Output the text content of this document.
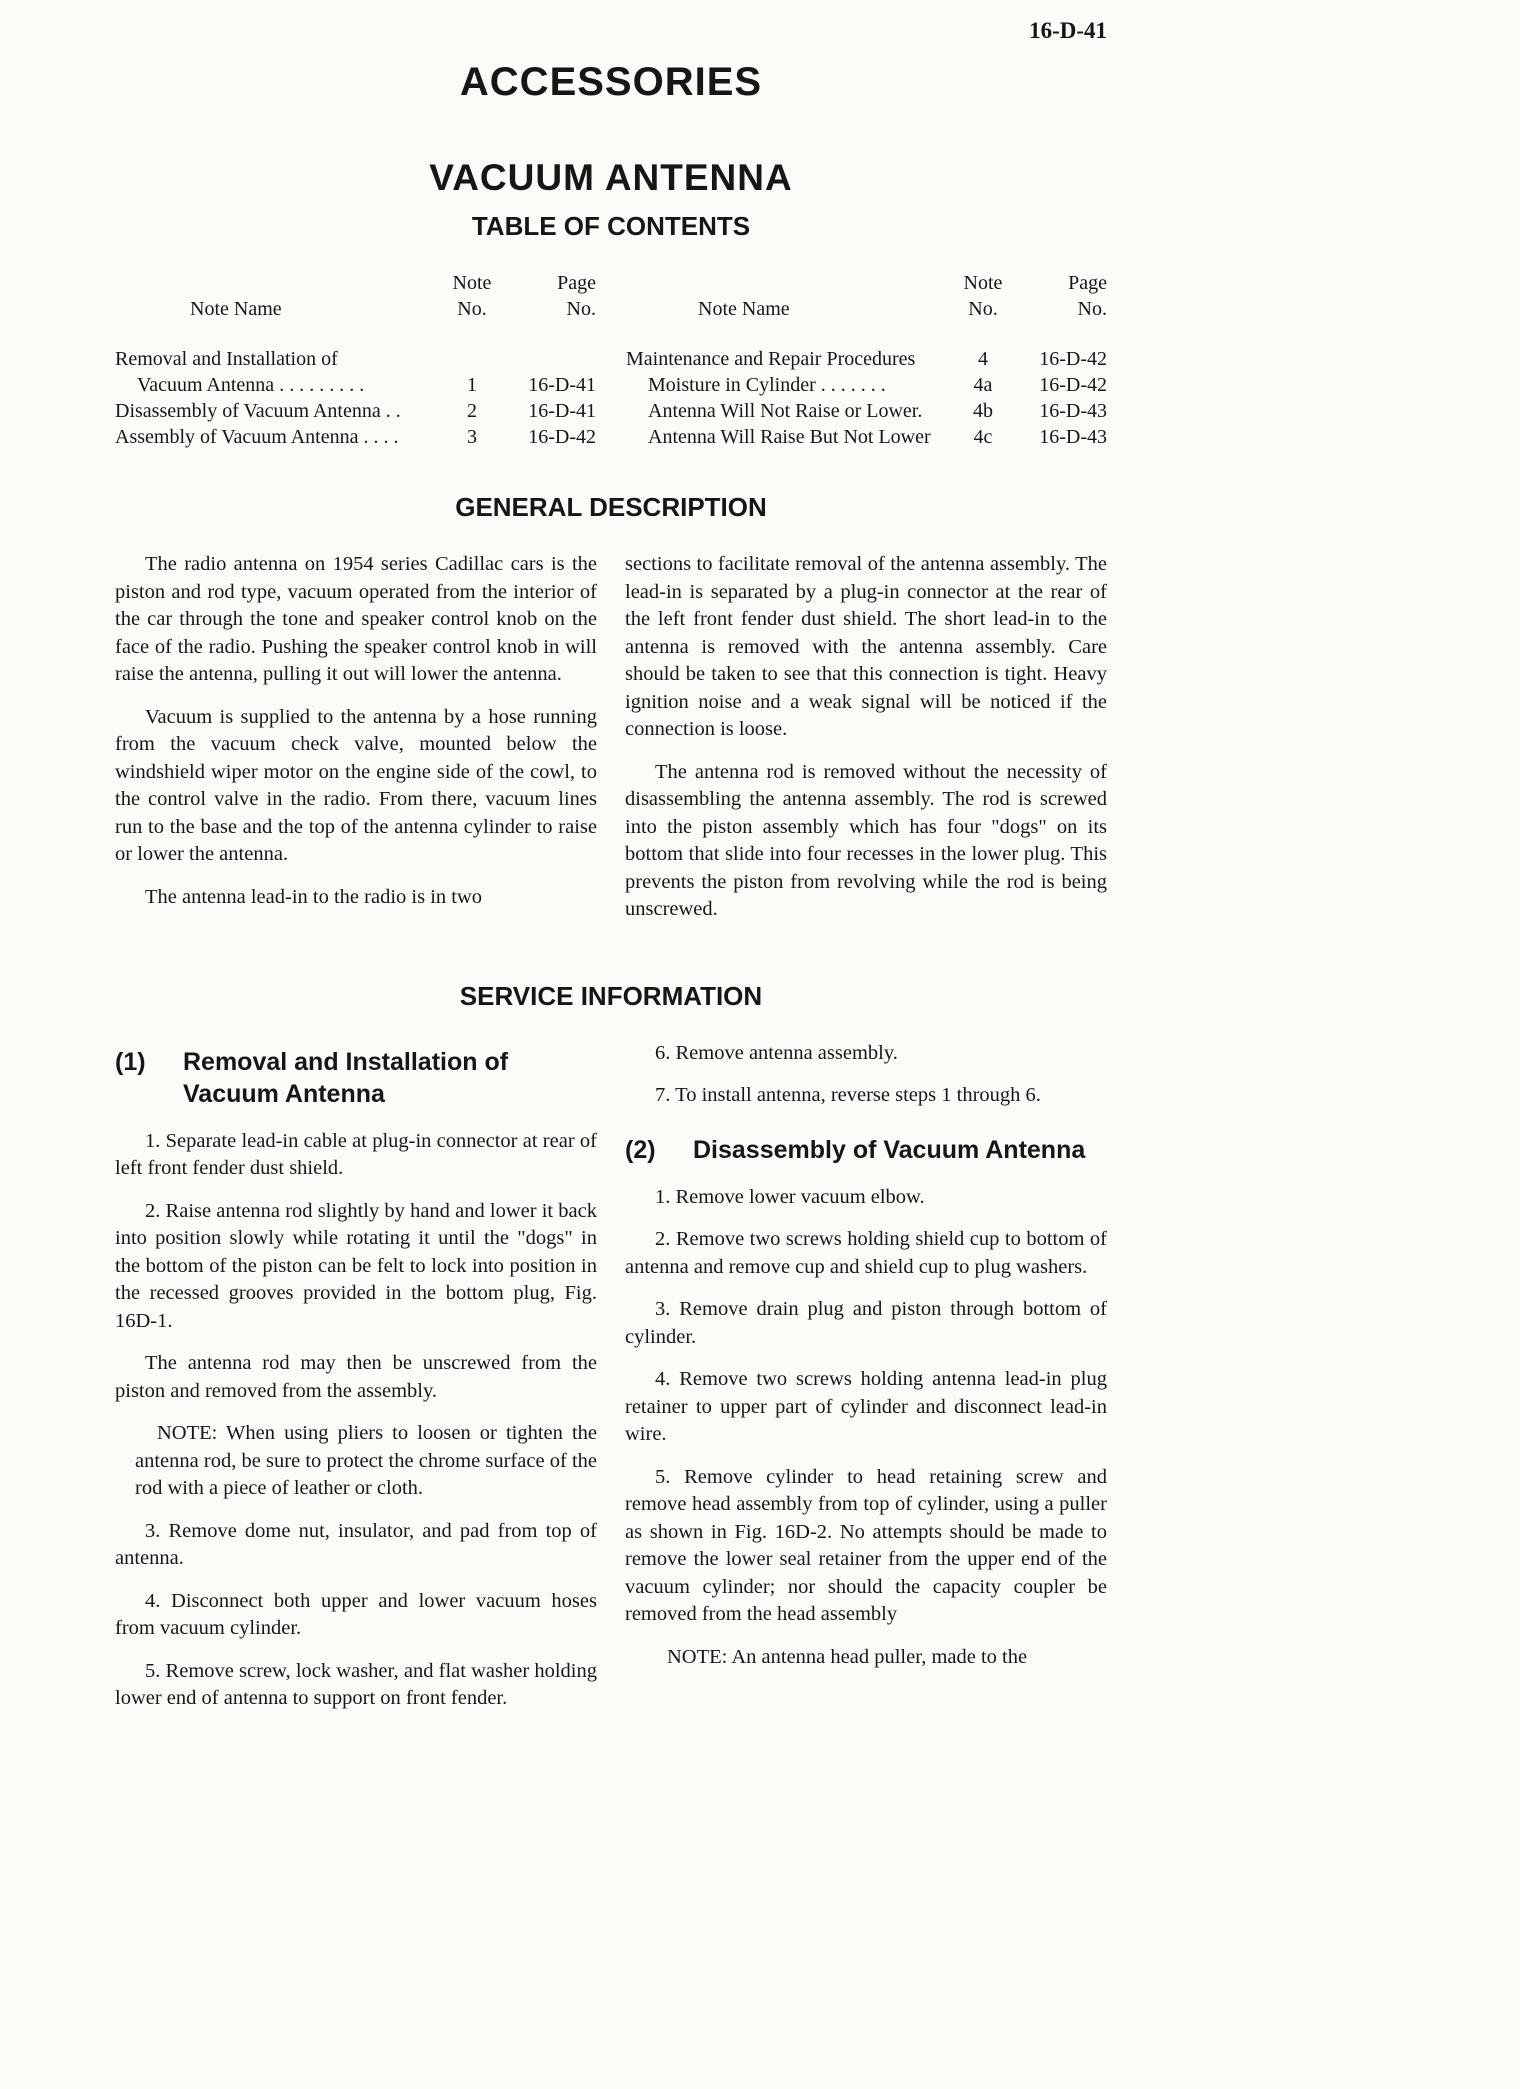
16-D-41
ACCESSORIES
VACUUM ANTENNA
TABLE OF CONTENTS
Note	Page
Note Name	No.	No.
Removal and Installation of
Vacuum Antenna . . . . . . . . .	1	16-D-41
Disassembly of Vacuum Antenna . .	2	16-D-41
Assembly of Vacuum Antenna . . . .	3	16-D-42
Note	Page
Note Name	No.	No.
Maintenance and Repair Procedures	4	16-D-42
Moisture in Cylinder . . . . . . .	4a	16-D-42
Antenna Will Not Raise or Lower.	4b	16-D-43
Antenna Will Raise But Not Lower	4c	16-D-43
GENERAL DESCRIPTION

The radio antenna on 1954 series Cadillac cars is the piston and rod type, vacuum operated from the interior of the car through the tone and speaker control knob on the face of the radio. Pushing the speaker control knob in will raise the antenna, pulling it out will lower the antenna.

Vacuum is supplied to the antenna by a hose running from the vacuum check valve, mounted below the windshield wiper motor on the engine side of the cowl, to the control valve in the radio. From there, vacuum lines run to the base and the top of the antenna cylinder to raise or lower the antenna.

The antenna lead-in to the radio is in two

sections to facilitate removal of the antenna assembly. The lead-in is separated by a plug-in connector at the rear of the left front fender dust shield. The short lead-in to the antenna is removed with the antenna assembly. Care should be taken to see that this connection is tight. Heavy ignition noise and a weak signal will be noticed if the connection is loose.

The antenna rod is removed without the necessity of disassembling the antenna assembly. The rod is screwed into the piston assembly which has four "dogs" on its bottom that slide into four recesses in the lower plug. This prevents the piston from revolving while the rod is being unscrewed.

SERVICE INFORMATION
(1)	Removal and Installation of
Vacuum Antenna

1. Separate lead-in cable at plug-in connector at rear of left front fender dust shield.

2. Raise antenna rod slightly by hand and lower it back into position slowly while rotating it until the "dogs" in the bottom of the piston can be felt to lock into position in the recessed grooves provided in the bottom plug, Fig. 16D-1.

The antenna rod may then be unscrewed from the piston and removed from the assembly.

NOTE: When using pliers to loosen or tighten the antenna rod, be sure to protect the chrome surface of the rod with a piece of leather or cloth.

3. Remove dome nut, insulator, and pad from top of antenna.

4. Disconnect both upper and lower vacuum hoses from vacuum cylinder.

5. Remove screw, lock washer, and flat washer holding lower end of antenna to support on front fender.

6. Remove antenna assembly.

7. To install antenna, reverse steps 1 through 6.

(2)	Disassembly of Vacuum Antenna

1. Remove lower vacuum elbow.

2. Remove two screws holding shield cup to bottom of antenna and remove cup and shield cup to plug washers.

3. Remove drain plug and piston through bottom of cylinder.

4. Remove two screws holding antenna lead-in plug retainer to upper part of cylinder and disconnect lead-in wire.

5. Remove cylinder to head retaining screw and remove head assembly from top of cylinder, using a puller as shown in Fig. 16D-2. No attempts should be made to remove the lower seal retainer from the upper end of the vacuum cylinder; nor should the capacity coupler be removed from the head assembly

NOTE: An antenna head puller, made to the
